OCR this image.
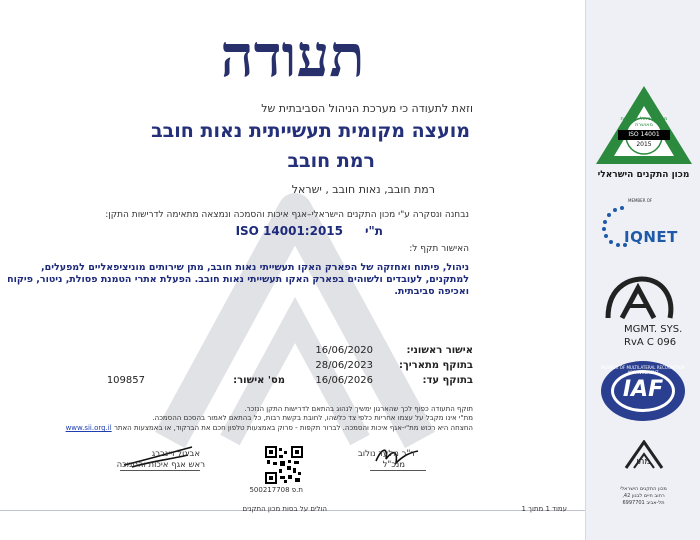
תעודה
וזאת לתעודה כי מערכת הניהול הסביבתית של
מועצה מקומית תעשייתית נאות חובב
רמת חובב
רמת חובב, נאות חובב , ישראל
נבחנה ונסקרה ע"י מכון התקנים הישראלי–אגף איכות והסמכה ונמצאה מתאימה לדרישות התקן:
ISO 14001:2015 ת"י
האישור תקף ל:
ניהול, פיתוח ואחזקה של הפארק האקו תעשייתי נאות חובב, מתן שירותים מוניציפאליים למפעלים, למתקנים, לעובדים ולשוהים בפארק האקו תעשייתי נאות חובב. הפעלת אתרי הטמנת פסולת, ניטור, פיקוח ואכיפה סביבתית.
אישור ראשוני:
16/06/2020
בתוקף מתאריך:
28/06/2023
בתוקף עד:
16/06/2026
מס' אישור:
109857
תוקף התעודה כפוף לכך שהארגון ימשיך לנהוג בהתאם לדרישות התקן הנזכר.
מת"י אינו מקבל על עצמו אחריות כלפי צד כלשהו, לחובת בקשת רבות, כל בהתאם לאמור בהסכם ההסמכה.
החצחה היא רכוש מת"י-אגף איכות והסמכה. לברור תקפות - סרוק באמצעות טלפון חכם את הברקוד, או באמצעות האתר www.sii.org.il
אביטל ויינברג
ראש אגף איכות והסמכה
ת.פ 500217708
ד"ר מלעד נולוב
מנכ"ל
הולים על בסות מכון התקנים	עמוד 1 מתוך 1
מערכת ניהול סביבתית מאושרת
ISO 14001
2015
מכון התקנים הישראלי
MEMBER OF
IQNET
MGMT. SYS.
RvA C 096
MEMBER OF MULTILATERAL RECOGNITION ARRANGEMENT
IAF
מתי
מכון התקנים הישראלי
רחוב חיים לבנון 42,
תל-אביב 6997701
